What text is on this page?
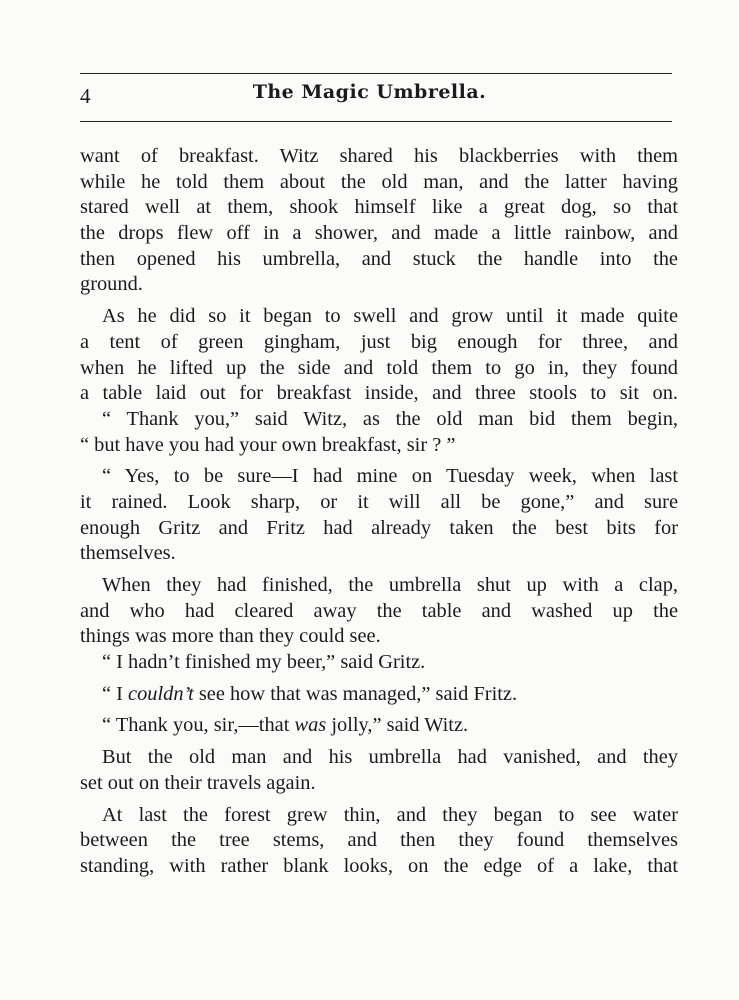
4	The Magic Umbrella.
want of breakfast. Witz shared his blackberries with them
while he told them about the old man, and the latter having
stared well at them, shook himself like a great dog, so that
the drops flew off in a shower, and made a little rainbow, and
then opened his umbrella, and stuck the handle into the
ground.
As he did so it began to swell and grow until it made quite
a tent of green gingham, just big enough for three, and
when he lifted up the side and told them to go in, they found
a table laid out for breakfast inside, and three stools to sit on.
“ Thank you,” said Witz, as the old man bid them begin,
“ but have you had your own breakfast, sir ? ”
“ Yes, to be sure—I had mine on Tuesday week, when last
it rained. Look sharp, or it will all be gone,” and sure
enough Gritz and Fritz had already taken the best bits for
themselves.
When they had finished, the umbrella shut up with a clap,
and who had cleared away the table and washed up the
things was more than they could see.
“ I hadn’t finished my beer,” said Gritz.
“ I couldn’t see how that was managed,” said Fritz.
“ Thank you, sir,—that was jolly,” said Witz.
But the old man and his umbrella had vanished, and they
set out on their travels again.
At last the forest grew thin, and they began to see water
between the tree stems, and then they found themselves
standing, with rather blank looks, on the edge of a lake, that
